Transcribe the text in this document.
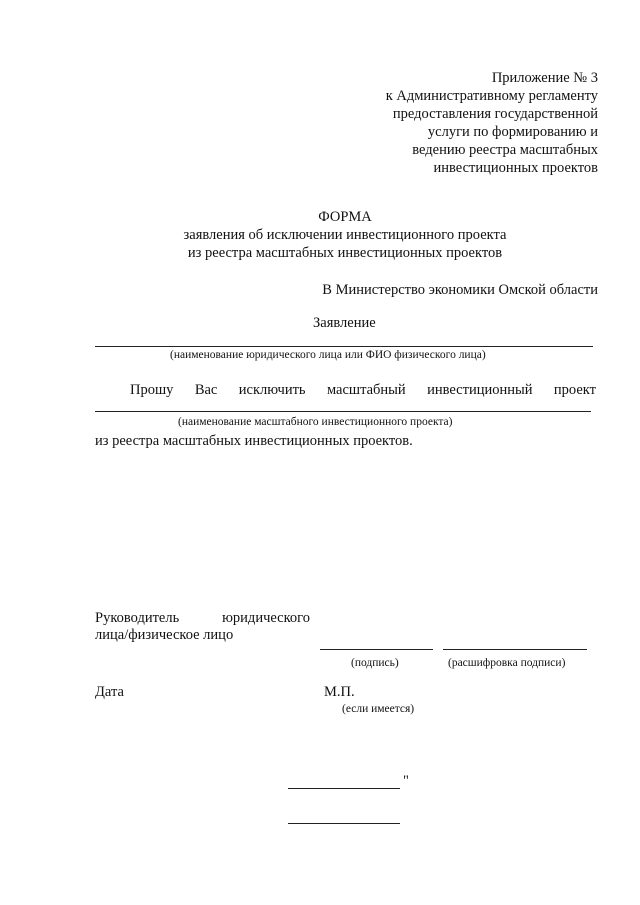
Приложение № 3
к Административному регламенту
предоставления государственной
услуги по формированию и
ведению реестра масштабных
инвестиционных проектов
ФОРМА
заявления об исключении инвестиционного проекта
из реестра масштабных инвестиционных проектов
В Министерство экономики Омской области
Заявление
(наименование юридического лица или ФИО физического лица)
Прошу Вас исключить масштабный инвестиционный проект
(наименование масштабного инвестиционного проекта)
из реестра масштабных инвестиционных проектов.
Руководитель	юридического
лица/физическое лицо
(подпись)	(расшифровка подписи)
Дата	М.П.
(если имеется)
"
